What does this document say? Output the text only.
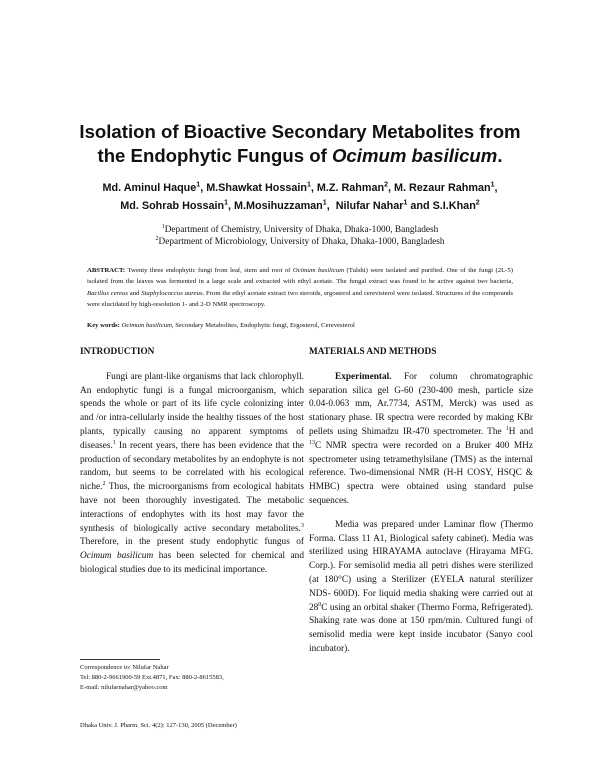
Isolation of Bioactive Secondary Metabolites from
the Endophytic Fungus of Ocimum basilicum.

Md. Aminul Haque$^1$, M.Shawkat Hossain$^1$, M.Z. Rahman$^2$, M. Rezaur Rahman$^1$,
Md. Sohrab Hossain$^1$, M.Mosihuzzaman$^1$,  Nilufar Nahar$^1$ and S.I.Khan$^2$

$^1$Department of Chemistry, University of Dhaka, Dhaka-1000, Bangladesh
$^2$Department of Microbiology, University of Dhaka, Dhaka-1000, Bangladesh

ABSTRACT: Twenty three endophytic fungi from leaf, stem and root of Ocimum basilicum (Tulshi) were isolated and purified. One of the fungi (2L-5) isolated from the leaves was fermented in a large scale and extracted with ethyl acetate. The fungal extract was found to be active against two bacteria, Bacillus cereus and Staphylococcus aureus. From the ethyl acetate extract two steroids, ergosterol and cerevisterol were isolated. Structures of the compounds were elucidated by high-resolution 1- and 2-D NMR spectroscopy.

Key words: Ocimum basilicum, Secondary Metabolites, Endophytic fungi, Ergosterol, Cerevesterol

INTRODUCTION

Fungi are plant-like organisms that lack chlorophyll. An endophytic fungi is a fungal microorganism, which spends the whole or part of its life cycle colonizing inter and /or intra-cellularly inside the healthy tissues of the host plants, typically causing no apparent symptoms of diseases.$^1$ In recent years, there has been evidence that the production of secondary metabolites by an endophyte is not random, but seems to be correlated with his ecological niche.$^2$ Thus, the microorganisms from ecological habitats have not been thoroughly investigated. The metabolic interactions of endophytes with its host may favor the synthesis of biologically active secondary metabolites.$^3$ Therefore, in the present study endophytic fungus of Ocimum basilicum has been selected for chemical and biological studies due to its medicinal importance.

MATERIALS AND METHODS

Experimental. For column chromatographic separation silica gel G-60 (230-400 mesh, particle size 0.04-0.063 mm, Ar.7734, ASTM, Merck) was used as stationary phase. IR spectra were recorded by making KBr pellets using Shimadzu IR-470 spectrometer. The $^1$H and $^{13}$C NMR spectra were recorded on a Bruker 400 MHz spectrometer using tetramethylsilane (TMS) as the internal reference. Two-dimensional NMR (H-H COSY, HSQC & HMBC) spectra were obtained using standard pulse sequences.

Media was prepared under Laminar flow (Thermo Forma. Class 11 A1, Biological safety cabinet). Media was sterilized using HIRAYAMA autoclave (Hirayama MFG. Corp.). For semisolid media all petri dishes were sterilized (at 180°C) using a Sterilizer (EYELA natural sterilizer NDS- 600D). For liquid media shaking were carried out at $28^0C$ using an orbital shaker (Thermo Forma, Refrigerated). Shaking rate was done at 150 rpm/min. Cultured fungi of semisolid media were kept inside incubator (Sanyo cool incubator).

Correspondence to: Nilufar Nahar
Tel: 880-2-9661900-59 Ext.4871, Fax: 880-2-8615583,
E-mail: nilufarnahar@yahoo.com

Dhaka Univ. J. Pharm. Sci. 4(2): 127-130, 2005 (December)
